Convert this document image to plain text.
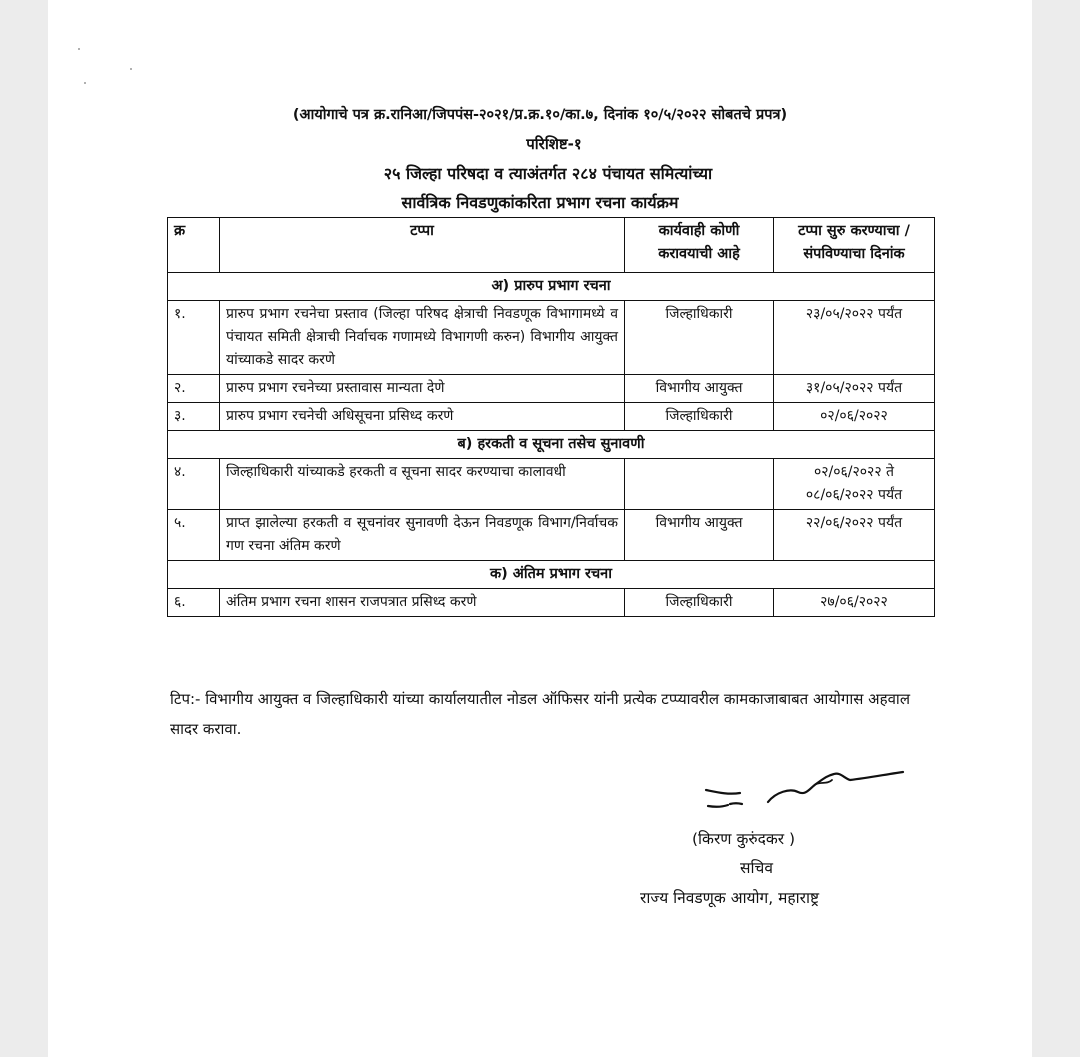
(आयोगाचे पत्र क्र.रानिआ/जिपपंस-२०२१/प्र.क्र.१०/का.७, दिनांक १०/५/२०२२ सोबतचे प्रपत्र)
परिशिष्ट-१
२५ जिल्हा परिषदा व त्याअंतर्गत २८४ पंचायत समित्यांच्या
सार्वत्रिक निवडणुकांकरिता प्रभाग रचना कार्यक्रम
क्र	टप्पा	कार्यवाही कोणी करावयाची आहे	टप्पा सुरु करण्याचा / संपविण्याचा दिनांक
अ) प्रारुप प्रभाग रचना			
१.	प्रारुप प्रभाग रचनेचा प्रस्ताव (जिल्हा परिषद क्षेत्राची निवडणूक विभागामध्ये व पंचायत समिती क्षेत्राची निर्वाचक गणामध्ये विभागणी करुन) विभागीय आयुक्त यांच्याकडे सादर करणे	जिल्हाधिकारी	२३/०५/२०२२ पर्यंत
२.	प्रारुप प्रभाग रचनेच्या प्रस्तावास मान्यता देणे	विभागीय आयुक्त	३१/०५/२०२२ पर्यंत
३.	प्रारुप प्रभाग रचनेची अधिसूचना प्रसिध्द करणे	जिल्हाधिकारी	०२/०६/२०२२
ब) हरकती व सूचना तसेच सुनावणी			
४.	जिल्हाधिकारी यांच्याकडे हरकती व सूचना सादर करण्याचा कालावधी		०२/०६/२०२२ ते ०८/०६/२०२२ पर्यंत
५.	प्राप्त झालेल्या हरकती व सूचनांवर सुनावणी देऊन निवडणूक विभाग/निर्वाचक गण रचना अंतिम करणे	विभागीय आयुक्त	२२/०६/२०२२ पर्यंत
क) अंतिम प्रभाग रचना			
६.	अंतिम प्रभाग रचना शासन राजपत्रात प्रसिध्द करणे	जिल्हाधिकारी	२७/०६/२०२२
टिप:- विभागीय आयुक्त व जिल्हाधिकारी यांच्या कार्यालयातील नोडल ऑफिसर यांनी प्रत्येक टप्प्यावरील कामकाजाबाबत आयोगास अहवाल सादर करावा.
(किरण कुरुंदकर )
सचिव
राज्य निवडणूक आयोग, महाराष्ट्र
